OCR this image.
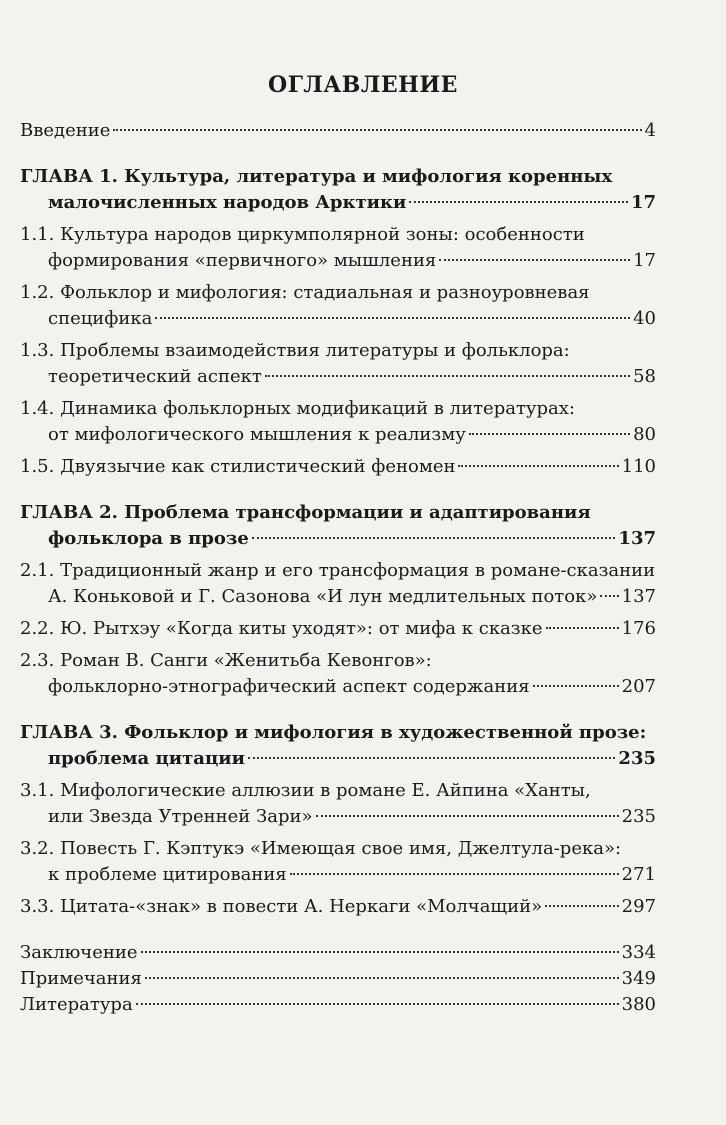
ОГЛАВЛЕНИЕ
Введение	4
ГЛАВА 1. Культура, литература и мифология коренных
малочисленных народов Арктики	17
1.1. Культура народов циркумполярной зоны: особенности
формирования «первичного» мышления	17
1.2. Фольклор и мифология: стадиальная и разноуровневая
специфика	40
1.3. Проблемы взаимодействия литературы и фольклора:
теоретический аспект	58
1.4. Динамика фольклорных модификаций в литературах:
от мифологического мышления к реализму	80
1.5. Двуязычие как стилистический феномен	110
ГЛАВА 2. Проблема трансформации и адаптирования
фольклора в прозе	137
2.1. Традиционный жанр и его трансформация в романе-сказании
А. Коньковой и Г. Сазонова «И лун медлительных поток» 137
2.2. Ю. Рытхэу «Когда киты уходят»: от мифа к сказке	176
2.3. Роман В. Санги «Женитьба Кевонгов»:
фольклорно-этнографический аспект содержания	207
ГЛАВА 3. Фольклор и мифология в художественной прозе:
проблема цитации	235
3.1. Мифологические аллюзии в романе Е. Айпина «Ханты,
или Звезда Утренней Зари»	235
3.2. Повесть Г. Кэптукэ «Имеющая свое имя, Джелтула-река»:
к проблеме цитирования	271
3.3. Цитата-«знак» в повести А. Неркаги «Молчащий»	297
Заключение	334
Примечания	349
Литература	380
